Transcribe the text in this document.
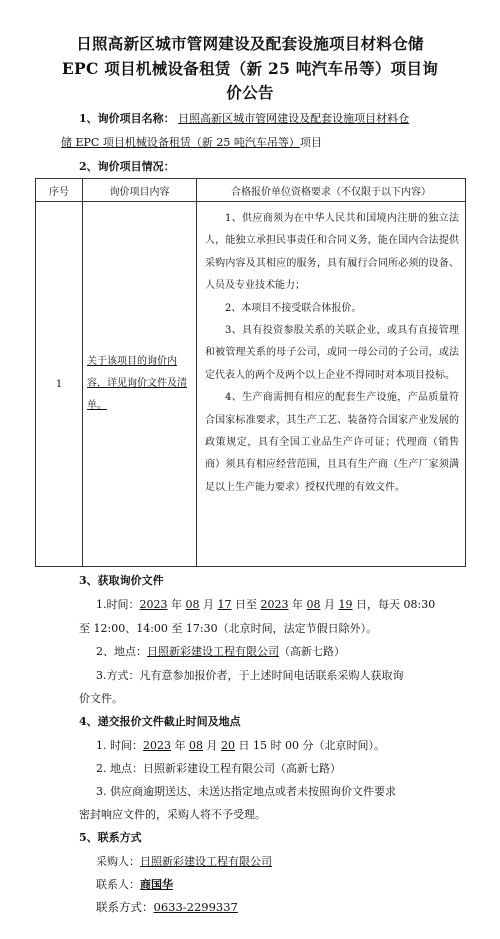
日照高新区城市管网建设及配套设施项目材料仓储
EPC 项目机械设备租赁（新 25 吨汽车吊等）项目询
价公告
1、询价项目名称： 日照高新区城市管网建设及配套设施项目材料仓
储 EPC 项目机械设备租赁（新 25 吨汽车吊等）项目
2、询价项目情况：
序号	询价项目内容	合格报价单位资格要求（不仅限于以下内容）
1	关于该项目的询价内容，详见询价文件及清单。	1、供应商须为在中华人民共和国境内注册的独立法人，能独立承担民事责任和合同义务，能在国内合法提供采购内容及其相应的服务，具有履行合同所必须的设备、人员及专业技术能力；

2、本项目不接受联合体报价。

3、具有投资参股关系的关联企业，或具有直接管理和被管理关系的母子公司，或同一母公司的子公司，或法定代表人的两个及两个以上企业不得同时对本项目投标。

4、生产商需拥有相应的配套生产设施，产品质量符合国家标准要求，其生产工艺、装备符合国家产业发展的政策规定，具有全国工业品生产许可证；代理商（销售商）须具有相应经营范围，且具有生产商（生产厂家须满足以上生产能力要求）授权代理的有效文件。

3、获取询价文件
1.时间：2023 年 08 月 17 日至 2023 年 08 月 19 日，每天 08:30
至 12:00、14:00 至 17:30（北京时间，法定节假日除外）。
2、地点：日照新彩建设工程有限公司（高新七路）
3.方式：凡有意参加报价者，于上述时间电话联系采购人获取询
价文件。
4、递交报价文件截止时间及地点
1. 时间：2023 年 08 月 20 日 15 时 00 分（北京时间）。
2. 地点：日照新彩建设工程有限公司（高新七路）
3. 供应商逾期送达、未送达指定地点或者未按照询价文件要求
密封响应文件的，采购人将不予受理。
5、联系方式
采购人：日照新彩建设工程有限公司
联系人：商国华
联系方式：0633-2299337
